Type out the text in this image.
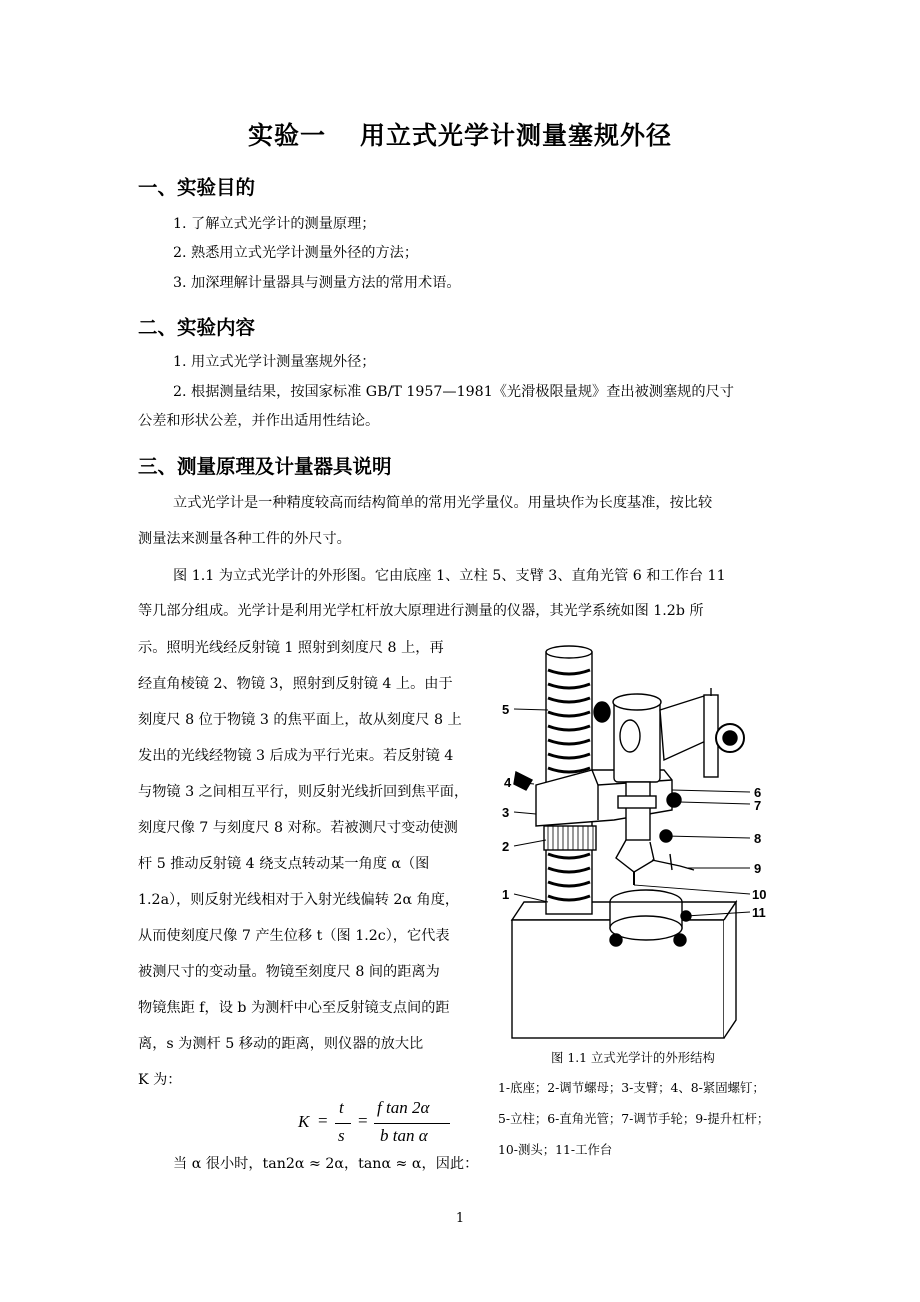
实验一 用立式光学计测量塞规外径
一、实验目的
1. 了解立式光学计的测量原理；
2. 熟悉用立式光学计测量外径的方法；
3. 加深理解计量器具与测量方法的常用术语。
二、实验内容
1. 用立式光学计测量塞规外径；
2. 根据测量结果，按国家标准 GB/T 1957—1981《光滑极限量规》查出被测塞规的尺寸
公差和形状公差，并作出适用性结论。
三、测量原理及计量器具说明
立式光学计是一种精度较高而结构简单的常用光学量仪。用量块作为长度基准，按比较
测量法来测量各种工件的外尺寸。
图 1.1 为立式光学计的外形图。它由底座 1、立柱 5、支臂 3、直角光管 6 和工作台 11
等几部分组成。光学计是利用光学杠杆放大原理进行测量的仪器，其光学系统如图 1.2b 所
示。照明光线经反射镜 1 照射到刻度尺 8 上，再
经直角棱镜 2、物镜 3，照射到反射镜 4 上。由于
刻度尺 8 位于物镜 3 的焦平面上，故从刻度尺 8 上
发出的光线经物镜 3 后成为平行光束。若反射镜 4
与物镜 3 之间相互平行，则反射光线折回到焦平面，
刻度尺像 7 与刻度尺 8 对称。若被测尺寸变动使测
杆 5 推动反射镜 4 绕支点转动某一角度 α（图
1.2a），则反射光线相对于入射光线偏转 2α 角度，
从而使刻度尺像 7 产生位移 t（图 1.2c），它代表
被测尺寸的变动量。物镜至刻度尺 8 间的距离为
物镜焦距 f，设 b 为测杆中心至反射镜支点间的距
离，s 为测杆 5 移动的距离，则仪器的放大比
K 为：
K =
t
s
=
f tan 2α
b tan α
当 α 很小时，tan2α ≈ 2α，tanα ≈ α，因此：
5
4
3
2
1
6
7
8
9
10
11
图 1.1 立式光学计的外形结构
1-底座；2-调节螺母；3-支臂；4、8-紧固螺钉；
5-立柱；6-直角光管；7-调节手轮；9-提升杠杆；
10-测头；11-工作台
1
